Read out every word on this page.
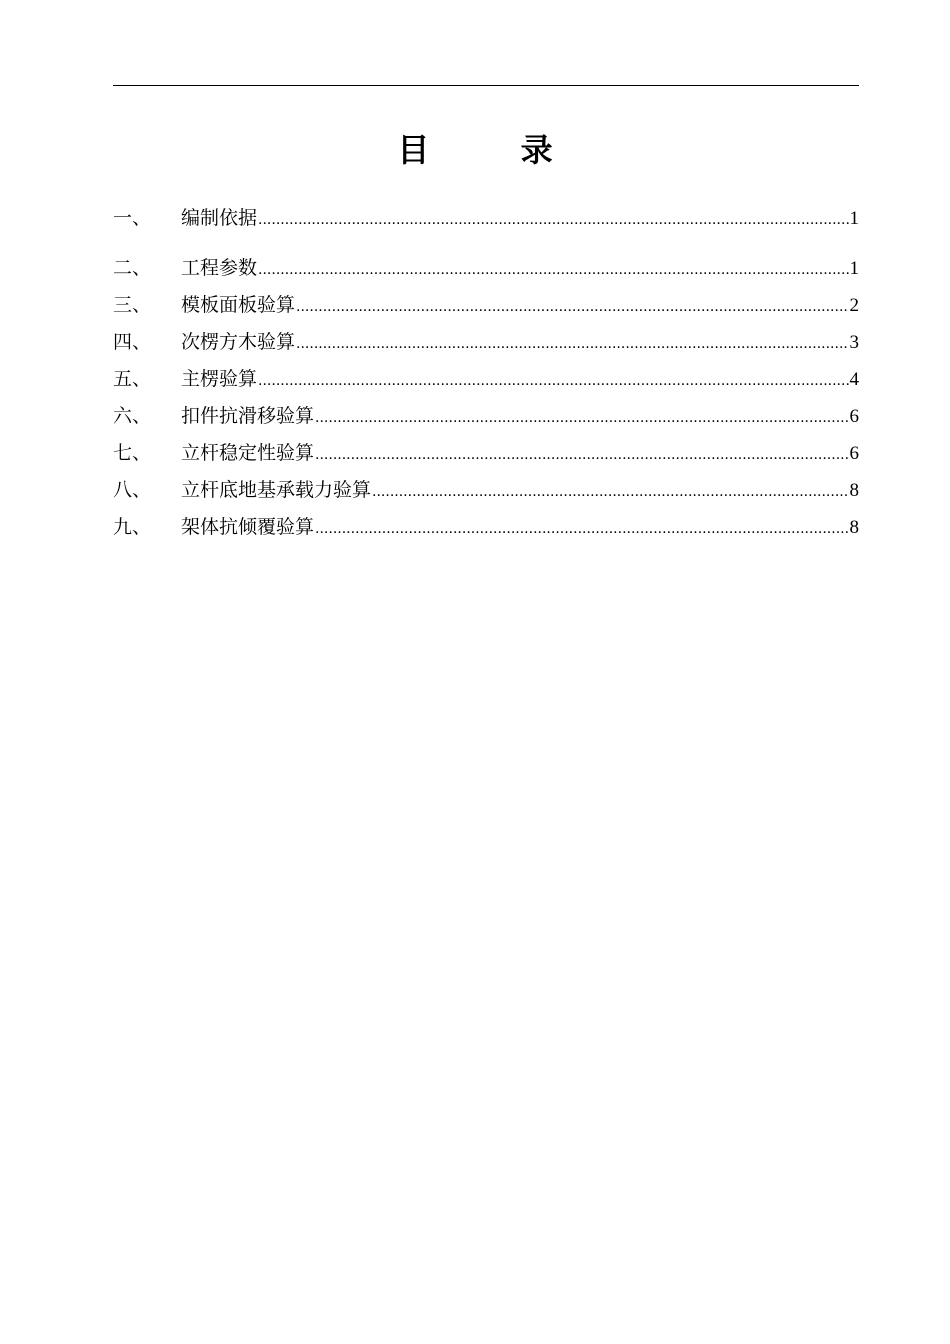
目 录
一、	编制依据 .....	1
二、	工程参数 .....	1
三、	模板面板验算 .....	2
四、	次楞方木验算 .....	3
五、	主楞验算 .....	4
六、	扣件抗滑移验算 .....	6
七、	立杆稳定性验算 .....	6
八、	立杆底地基承载力验算 .....	8
九、	架体抗倾覆验算 .....	8
